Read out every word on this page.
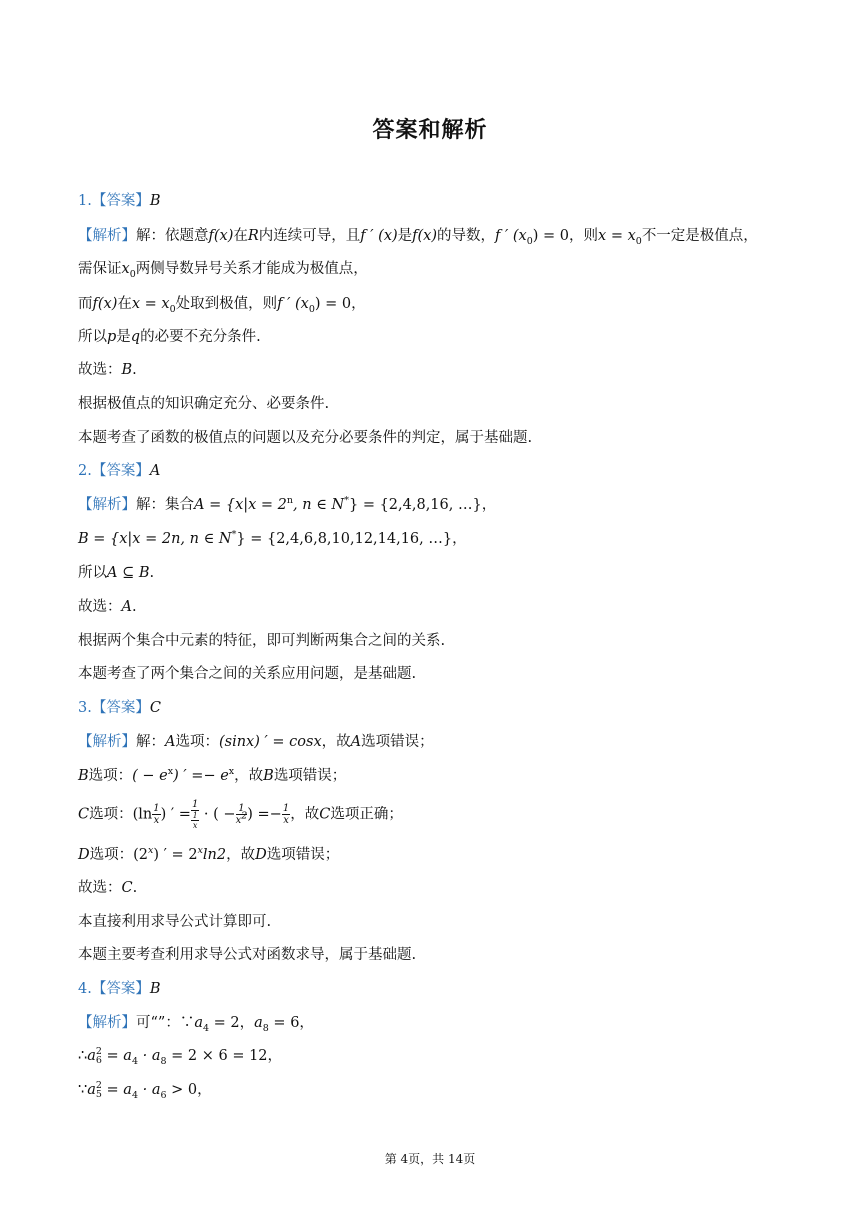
答案和解析
1.【答案】B
【解析】解：依题意f(x)在R内连续可导，且f ′ (x)是f(x)的导数，f ′ $(x_0) = 0$，则$x = x_0$不一定是极值点，
需保证$x_0$两侧导数异号关系才能成为极值点，
而f(x)在$x = x_0$处取到极值，则f ′ $(x_0) = 0$，
所以p是q的必要不充分条件.
故选：B.
根据极值点的知识确定充分、必要条件.
本题考查了函数的极值点的问题以及充分必要条件的判定，属于基础题.
2.【答案】A
【解析】解：集合$A = \{x|x = 2^n$, n ∈ N*} = {2,4,8,16, …}，
B = {x|x = 2n, n ∈ N*} = {2,4,6,8,10,12,14,16, …}，
所以A ⊆ B.
故选：A.
根据两个集合中元素的特征，即可判断两集合之间的关系.
本题考查了两个集合之间的关系应用问题，是基础题.
3.【答案】C
【解析】解：A选项：(sinx) ′ = cosx，故A选项错误；
B选项：( − $e^x$) ′ =− $e^x$，故B选项错误；
C选项：($\ln \frac{1}{x}$ ) ′ = 1
1
x · ( − $\frac{1}{x^2}$ ) =− $\frac{1}{x}$ ，故C选项正确；
D选项：(2$^x$) ′ = $2^x\ln 2$，故D选项错误；
故选：C.
本直接利用求导公式计算即可.
本题主要考查利用求导公式对函数求导，属于基础题.
4.【答案】B
【解析】可“”：$\because a_4 = 2$，$a_8 = 6$，
∴a 2
$6 = a_4 \cdot a_8 = 2 \times 6 = 12$，
∵a 2
$5 = a_4 \cdot a_6 > 0$，
第 4页，共 14页
